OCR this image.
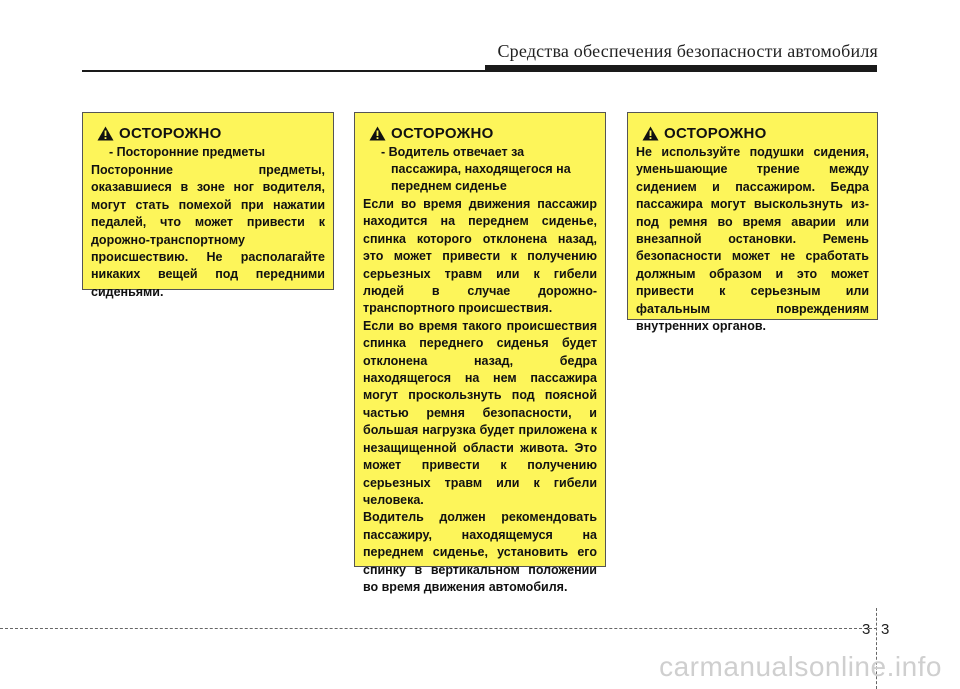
Средства обеспечения безопасности автомобиля
ОСТОРОЖНО
- Посторонние предметы

Посторонние предметы, оказавшиеся в зоне ног водителя, могут стать помехой при нажатии педалей, что может привести к дорожно-транспортному происшествию. Не располагайте никаких вещей под передними сиденьями.

ОСТОРОЖНО
- Водитель отвечает за пассажира, находящегося на переднем сиденье

Если во время движения пассажир находится на переднем сиденье, спинка которого отклонена назад, это может привести к получению серьезных травм или к гибели людей в случае дорожно-транспортного происшествия.

Если во время такого происшествия спинка переднего сиденья будет отклонена назад, бедра находящегося на нем пассажира могут проскользнуть под поясной частью ремня безопасности, и большая нагрузка будет приложена к незащищенной области живота. Это может привести к получению серьезных травм или к гибели человека.

Водитель должен рекомендовать пассажиру, находящемуся на переднем сиденье, установить его спинку в вертикальном положении во время движения автомобиля.

ОСТОРОЖНО

Не используйте подушки сидения, уменьшающие трение между сидением и пассажиром. Бедра пассажира могут выскользнуть из-под ремня во время аварии или внезапной остановки. Ремень безопасности может не сработать должным образом и это может привести к серьезным или фатальным повреждениям внутренних органов.

3 3
carmanualsonline.info
